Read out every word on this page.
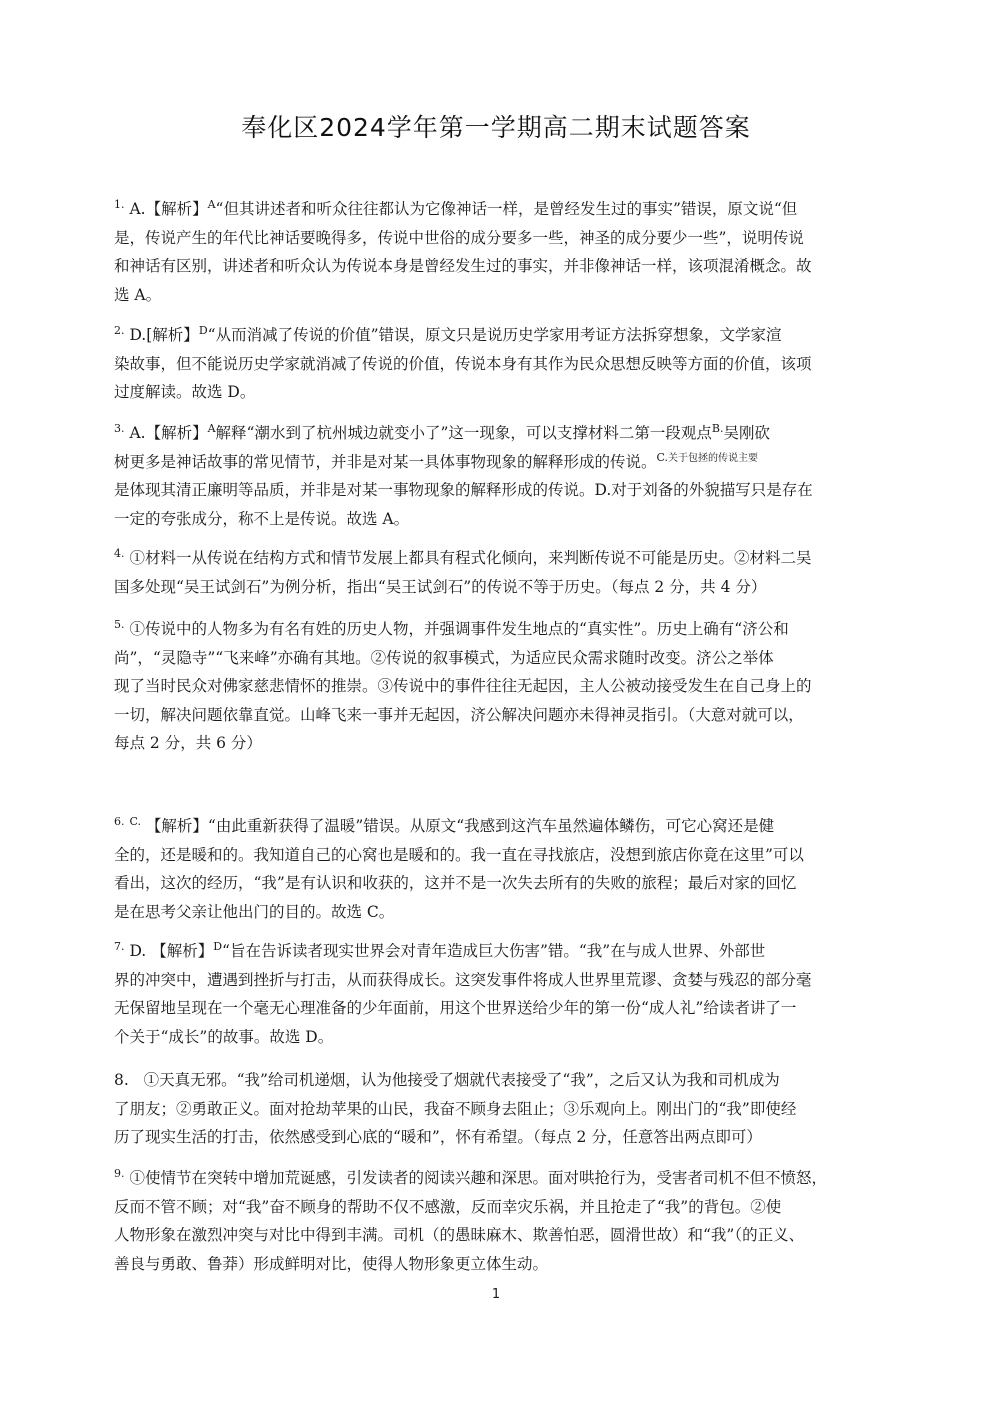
奉化区2024学年第一学期高二期末试题答案

$^{1.}$ A.【解析】$^A$“但其讲述者和听众往往都认为它像神话一样，是曾经发生过的事实”错误，原文说“但

是，传说产生的年代比神话要晚得多，传说中世俗的成分要多一些，神圣的成分要少一些”，说明传说

和神话有区别，讲述者和听众认为传说本身是曾经发生过的事实，并非像神话一样，该项混淆概念。故

选 A。

$^{2.}$ D.[解析】$^D$“从而消减了传说的价值”错误，原文只是说历史学家用考证方法拆穿想象，文学家渲

染故事，但不能说历史学家就消减了传说的价值，传说本身有其作为民众思想反映等方面的价值，该项

过度解读。故选 D。

$^{3.}$ A.【解析】$^A$解释“潮水到了杭州城边就变小了”这一现象，可以支撑材料二第一段观点$^{B.}$吴刚砍

树更多是神话故事的常见情节，并非是对某一具体事物现象的解释形成的传说。$^{C.关于包拯的传说主要}$

是体现其清正廉明等品质，并非是对某一事物现象的解释形成的传说。D.对于刘备的外貌描写只是存在

一定的夸张成分，称不上是传说。故选 A。

$^{4.}$ ①材料一从传说在结构方式和情节发展上都具有程式化倾向，来判断传说不可能是历史。②材料二吴

国多处现“吴王试剑石”为例分析，指出“吴王试剑石”的传说不等于历史。（每点 2 分，共 4 分）

$^{5.}$ ①传说中的人物多为有名有姓的历史人物，并强调事件发生地点的“真实性”。历史上确有“济公和

尚”，“灵隐寺”“飞来峰”亦确有其地。②传说的叙事模式，为适应民众需求随时改变。济公之举体

现了当时民众对佛家慈悲情怀的推崇。③传说中的事件往往无起因，主人公被动接受发生在自己身上的

一切，解决问题依靠直觉。山峰飞来一事并无起因，济公解决问题亦未得神灵指引。（大意对就可以，

每点 2 分，共 6 分）

$^{6.}$ $^{C.}$ 【解析】“由此重新获得了温暖”错误。从原文“我感到这汽车虽然遍体鳞伤，可它心窝还是健

全的，还是暖和的。我知道自己的心窝也是暖和的。我一直在寻找旅店，没想到旅店你竟在这里”可以

看出，这次的经历，“我”是有认识和收获的，这并不是一次失去所有的失败的旅程；最后对家的回忆

是在思考父亲让他出门的目的。故选 C。

$^{7.}$ D. 【解析】$^D$“旨在告诉读者现实世界会对青年造成巨大伤害”错。“我”在与成人世界、外部世

界的冲突中，遭遇到挫折与打击，从而获得成长。这突发事件将成人世界里荒谬、贪婪与残忍的部分毫

无保留地呈现在一个毫无心理准备的少年面前，用这个世界送给少年的第一份“成人礼”给读者讲了一

个关于“成长”的故事。故选 D。

8. ①天真无邪。“我”给司机递烟，认为他接受了烟就代表接受了“我”，之后又认为我和司机成为

了朋友；②勇敢正义。面对抢劫苹果的山民，我奋不顾身去阻止；③乐观向上。刚出门的“我”即使经

历了现实生活的打击，依然感受到心底的“暖和”，怀有希望。（每点 2 分，任意答出两点即可）

$^{9.}$ ①使情节在突转中增加荒诞感，引发读者的阅读兴趣和深思。面对哄抢行为，受害者司机不但不愤怒，

反而不管不顾；对“我”奋不顾身的帮助不仅不感激，反而幸灾乐祸，并且抢走了“我”的背包。②使

人物形象在激烈冲突与对比中得到丰满。司机（的愚昧麻木、欺善怕恶，圆滑世故）和“我”（的正义、

善良与勇敢、鲁莽）形成鲜明对比，使得人物形象更立体生动。

1
